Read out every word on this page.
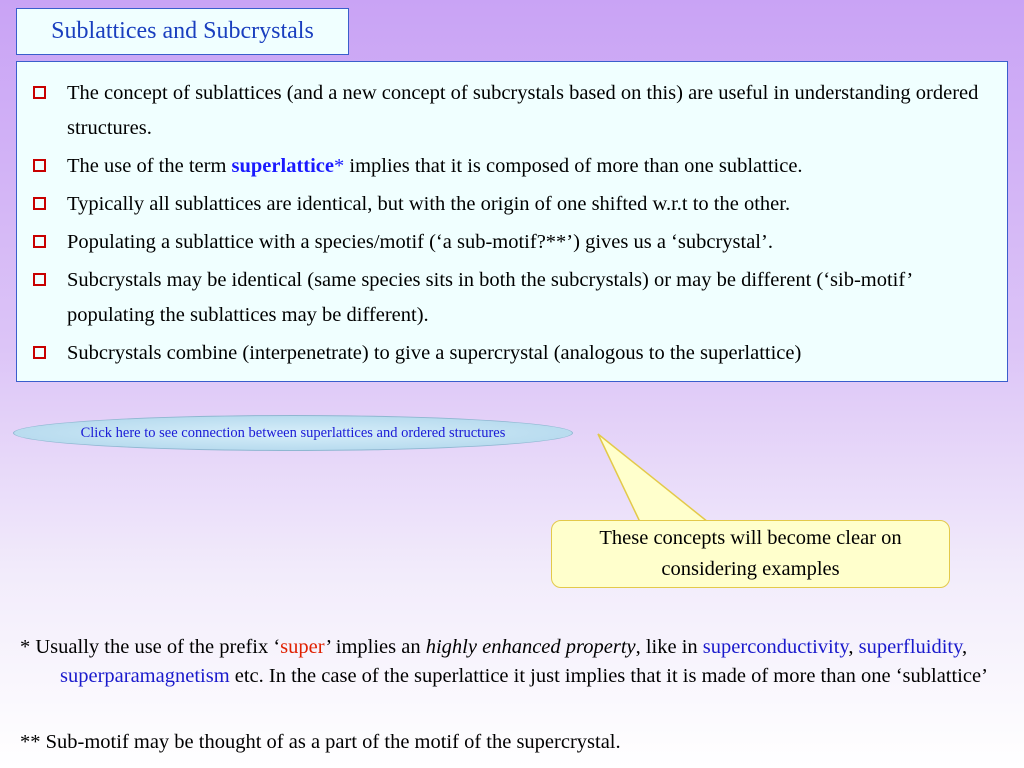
Sublattices and Subcrystals
The concept of sublattices (and a new concept of subcrystals based on this) are useful in understanding ordered structures.
The use of the term superlattice* implies that it is composed of more than one sublattice.
Typically all sublattices are identical, but with the origin of one shifted w.r.t to the other.
Populating a sublattice with a species/motif (‘a sub-motif?**’) gives us a ‘subcrystal’.
Subcrystals may be identical (same species sits in both the subcrystals) or may be different (‘sib-motif’ populating the sublattices may be different).
Subcrystals combine (interpenetrate) to give a supercrystal (analogous to the superlattice)
Click here to see connection between superlattices and ordered structures
These concepts will become clear on considering examples
* Usually the use of the prefix ‘super’ implies an highly enhanced property, like in superconductivity, superfluidity, superparamagnetism etc. In the case of the superlattice it just implies that it is made of more than one ‘sublattice’
** Sub-motif may be thought of as a part of the motif of the supercrystal.
